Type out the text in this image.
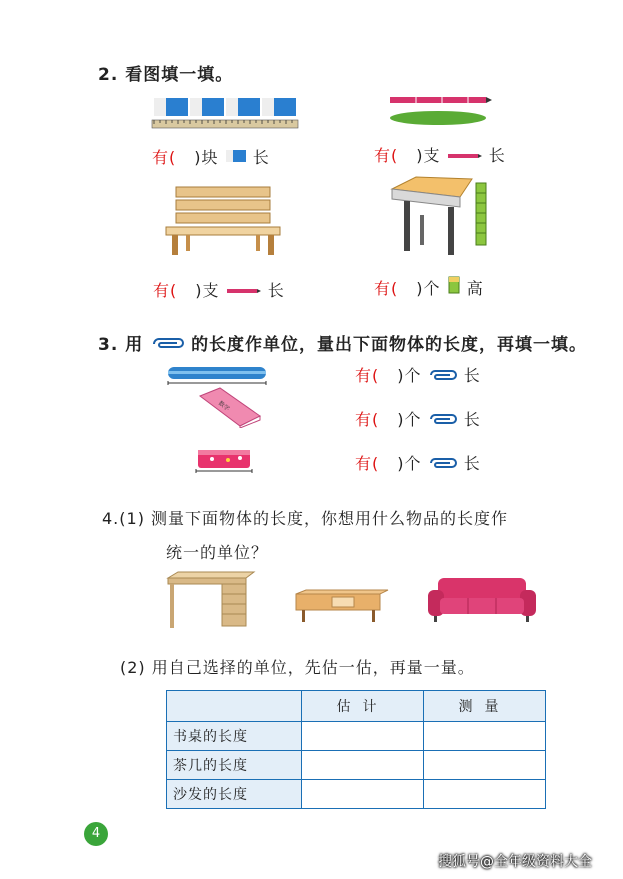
2. 看图填一填。
有( )块 长	有( )支	长
有( )支	长	有( )个 高
3. 用	的长度作单位，量出下面物体的长度，再填一填。
数学
有( )个	长
有( )个	长
有( )个	长
4.(1) 测量下面物体的长度，你想用什么物品的长度作
统一的单位？
(2) 用自己选择的单位，先估一估，再量一量。
	估计	测量
书桌的长度		
茶几的长度		
沙发的长度		
4
搜狐号@全年级资料大全
